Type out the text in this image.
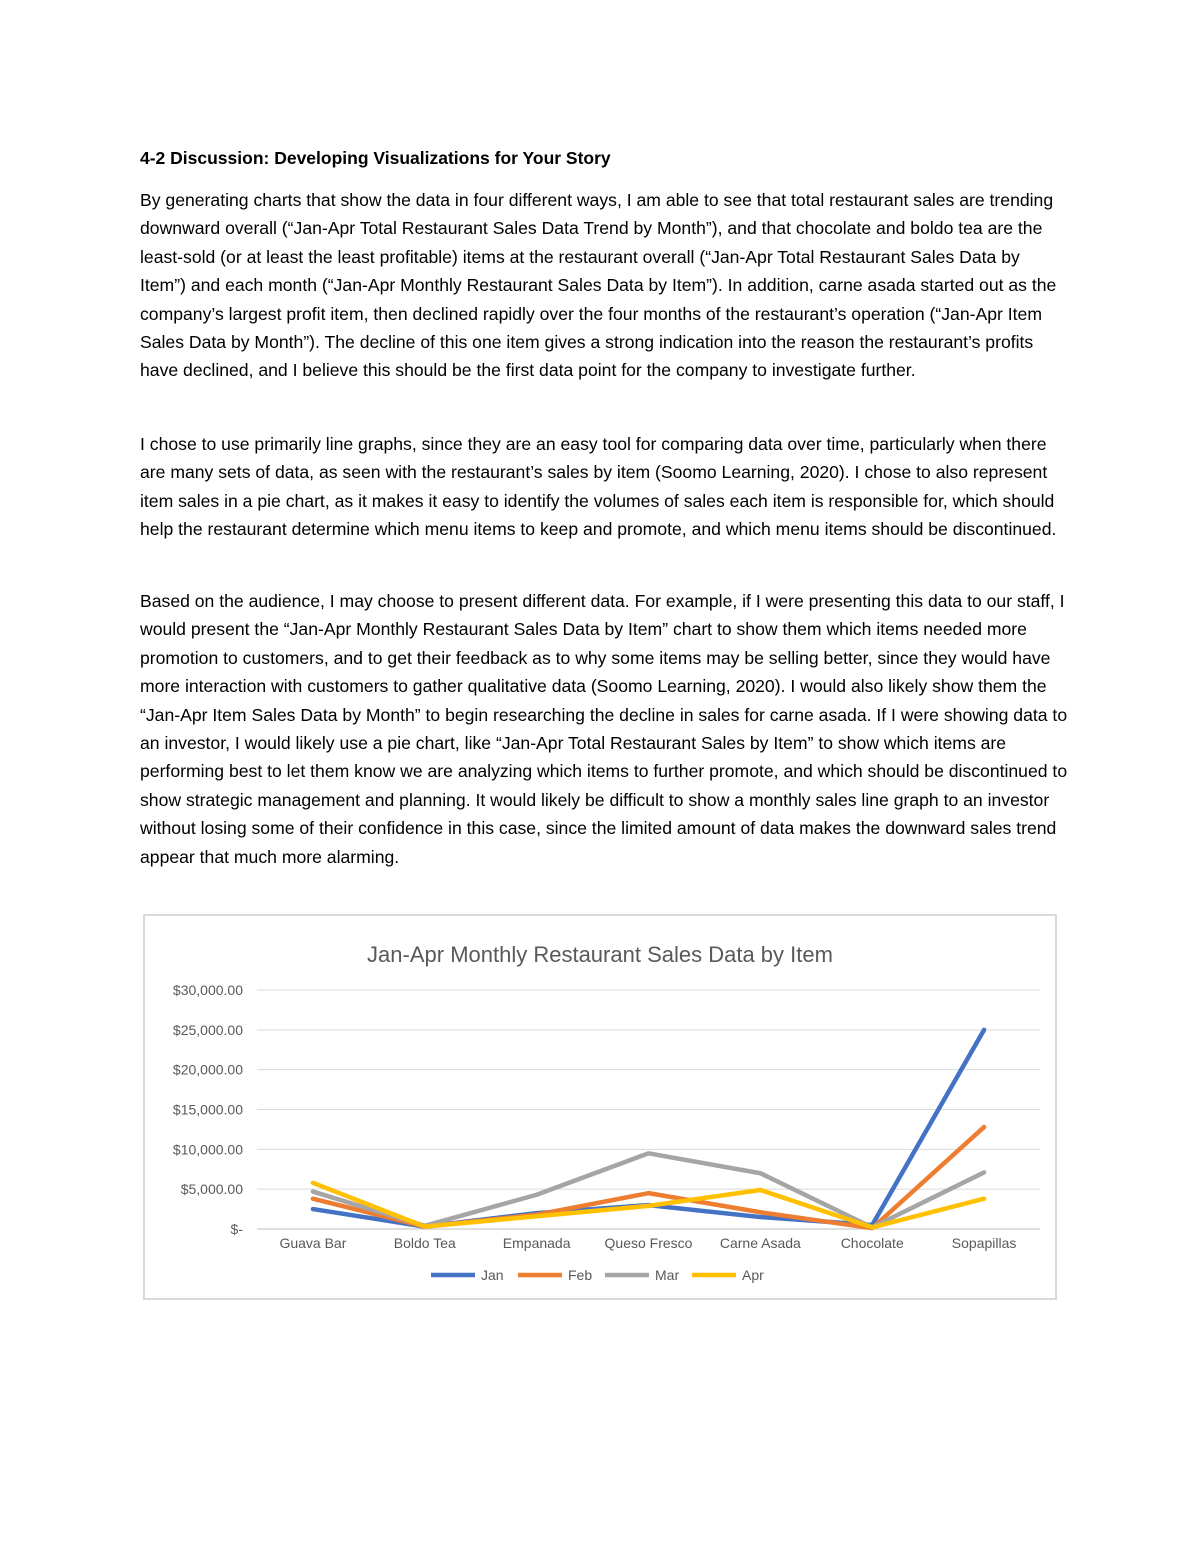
4-2 Discussion: Developing Visualizations for Your Story

By generating charts that show the data in four different ways, I am able to see that total restaurant sales are trending downward overall (“Jan-Apr Total Restaurant Sales Data Trend by Month”), and that chocolate and boldo tea are the least-sold (or at least the least profitable) items at the restaurant overall (“Jan-Apr Total Restaurant Sales Data by Item”) and each month (“Jan-Apr Monthly Restaurant Sales Data by Item”). In addition, carne asada started out as the company’s largest profit item, then declined rapidly over the four months of the restaurant’s operation (“Jan-Apr Item Sales Data by Month”). The decline of this one item gives a strong indication into the reason the restaurant’s profits have declined, and I believe this should be the first data point for the company to investigate further.

I chose to use primarily line graphs, since they are an easy tool for comparing data over time, particularly when there are many sets of data, as seen with the restaurant’s sales by item (Soomo Learning, 2020). I chose to also represent item sales in a pie chart, as it makes it easy to identify the volumes of sales each item is responsible for, which should help the restaurant determine which menu items to keep and promote, and which menu items should be discontinued.

Based on the audience, I may choose to present different data. For example, if I were presenting this data to our staff, I would present the “Jan-Apr Monthly Restaurant Sales Data by Item” chart to show them which items needed more promotion to customers, and to get their feedback as to why some items may be selling better, since they would have more interaction with customers to gather qualitative data (Soomo Learning, 2020). I would also likely show them the “Jan-Apr Item Sales Data by Month” to begin researching the decline in sales for carne asada. If I were showing data to an investor, I would likely use a pie chart, like “Jan-Apr Total Restaurant Sales by Item” to show which items are performing best to let them know we are analyzing which items to further promote, and which should be discontinued to show strategic management and planning. It would likely be difficult to show a monthly sales line graph to an investor without losing some of their confidence in this case, since the limited amount of data makes the downward sales trend appear that much more alarming.

Jan-Apr Monthly Restaurant Sales Data by Item
$-
$5,000.00
$10,000.00
$15,000.00
$20,000.00
$25,000.00
$30,000.00
Guava Bar	Boldo Tea	Empanada Queso Fresco Carne Asada	Chocolate	Sopapillas
Jan	Feb	Mar	Apr
